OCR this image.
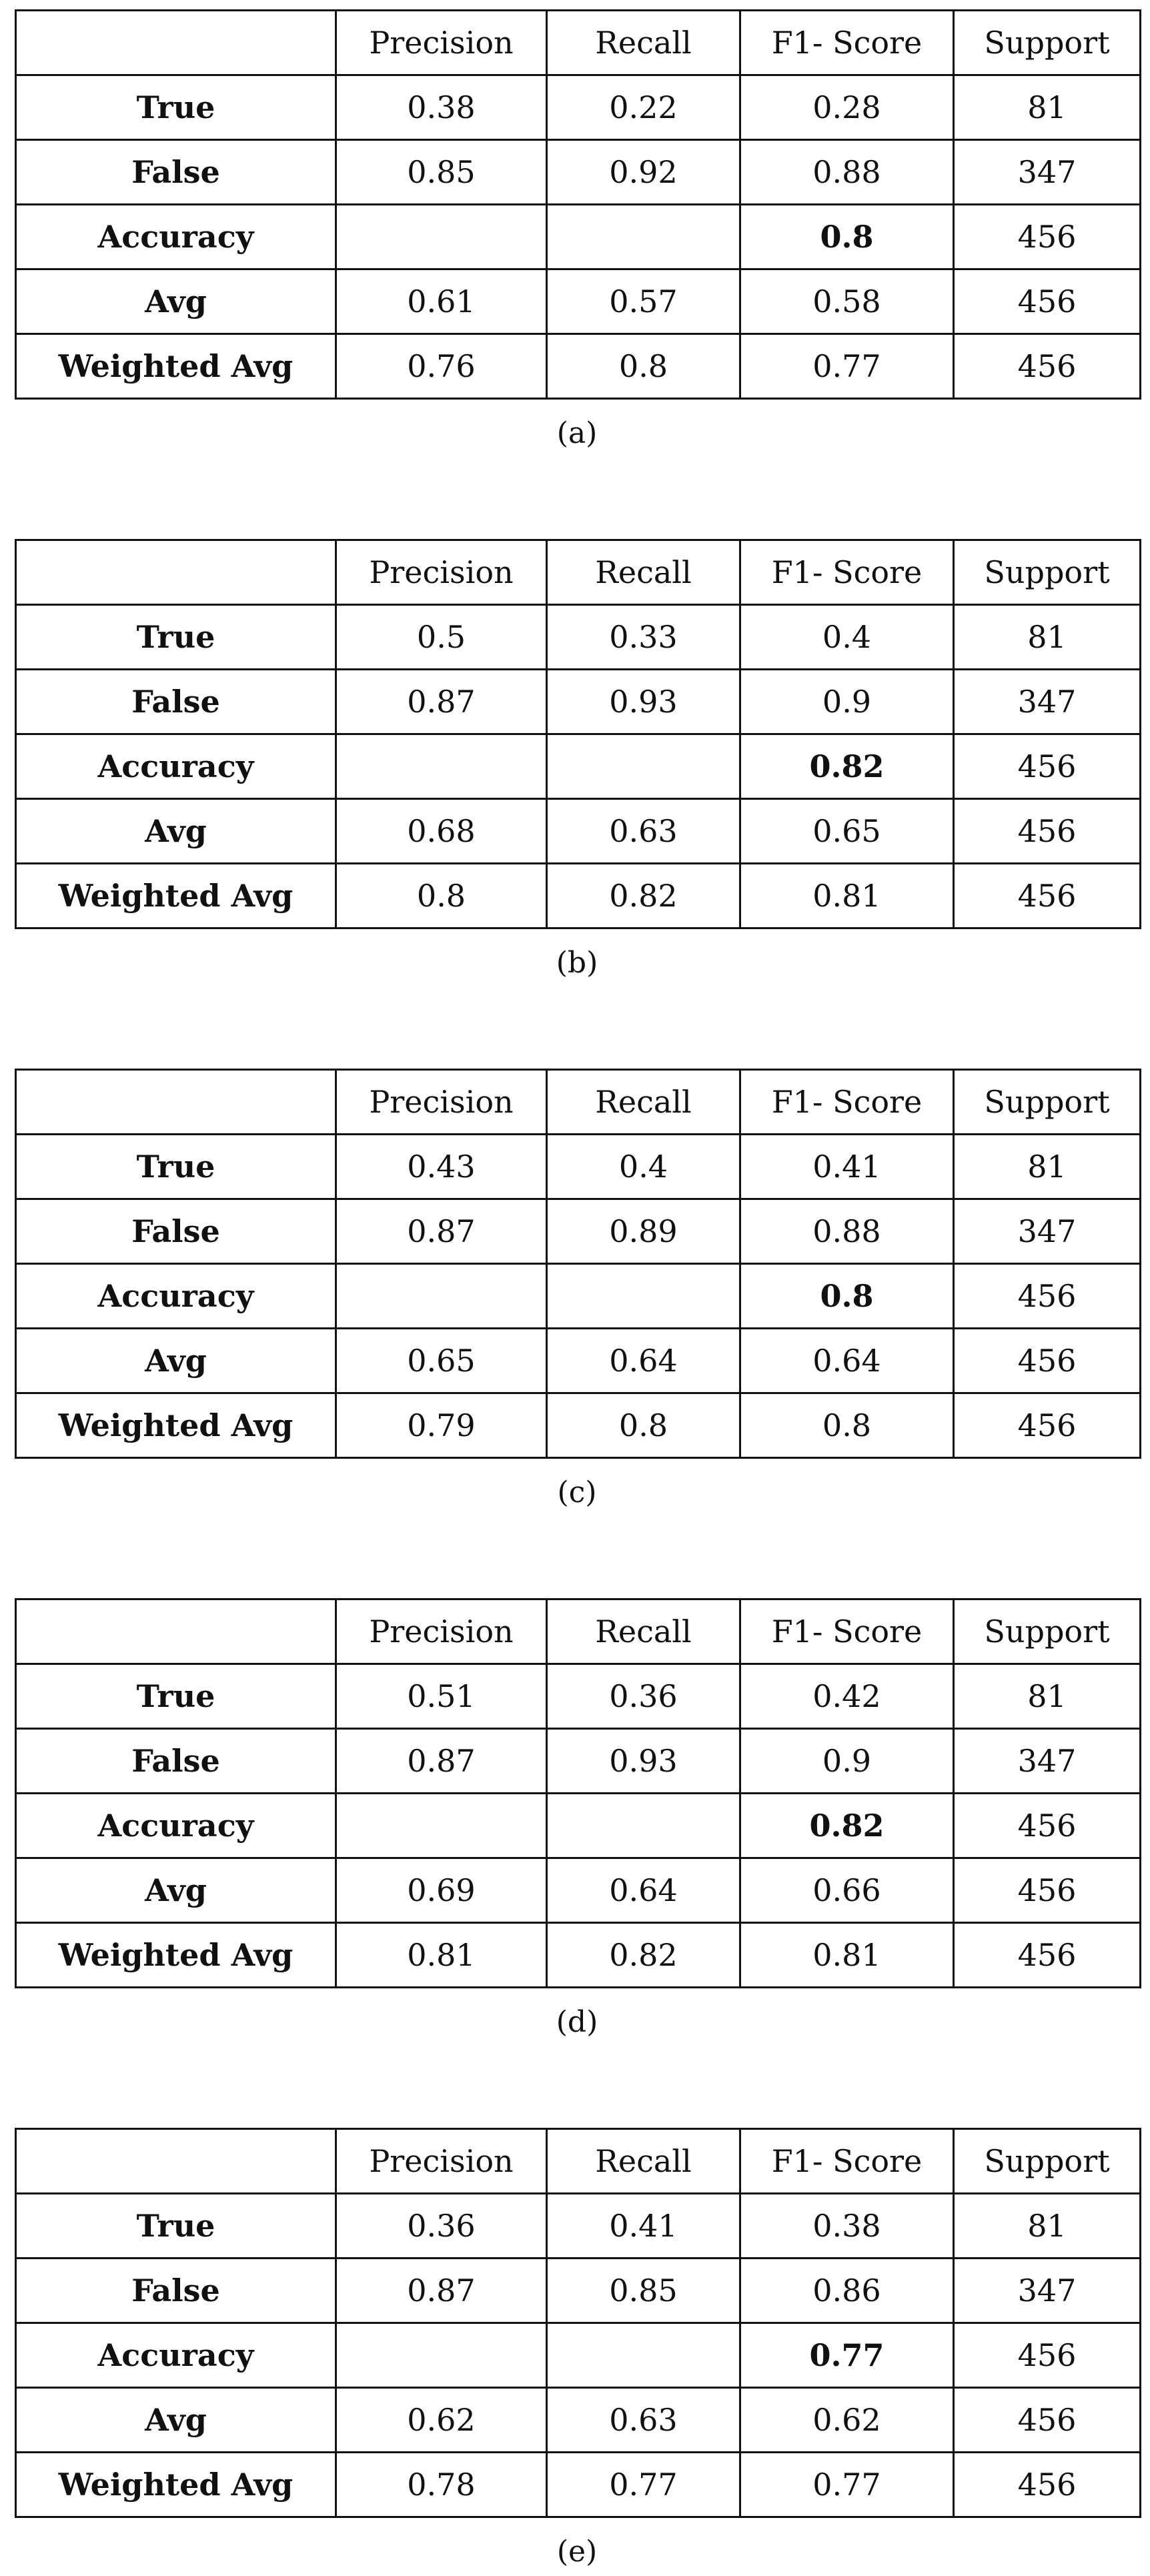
	Precision	Recall	F1- Score	Support
True	0.38	0.22	0.28	81
False	0.85	0.92	0.88	347
Accuracy			0.8	456
Avg	0.61	0.57	0.58	456
Weighted Avg	0.76	0.8	0.77	456
(a)
	Precision	Recall	F1- Score	Support
True	0.5	0.33	0.4	81
False	0.87	0.93	0.9	347
Accuracy			0.82	456
Avg	0.68	0.63	0.65	456
Weighted Avg	0.8	0.82	0.81	456
(b)
	Precision	Recall	F1- Score	Support
True	0.43	0.4	0.41	81
False	0.87	0.89	0.88	347
Accuracy			0.8	456
Avg	0.65	0.64	0.64	456
Weighted Avg	0.79	0.8	0.8	456
(c)
	Precision	Recall	F1- Score	Support
True	0.51	0.36	0.42	81
False	0.87	0.93	0.9	347
Accuracy			0.82	456
Avg	0.69	0.64	0.66	456
Weighted Avg	0.81	0.82	0.81	456
(d)
	Precision	Recall	F1- Score	Support
True	0.36	0.41	0.38	81
False	0.87	0.85	0.86	347
Accuracy			0.77	456
Avg	0.62	0.63	0.62	456
Weighted Avg	0.78	0.77	0.77	456
(e)
